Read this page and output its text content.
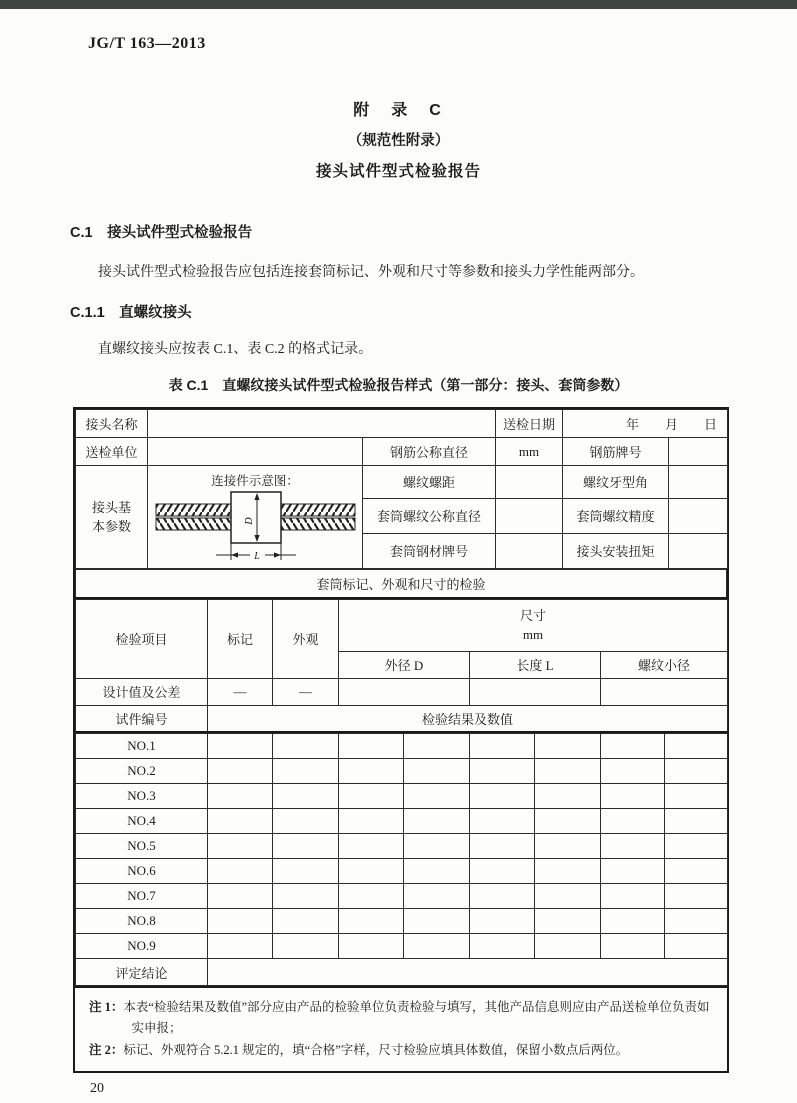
JG/T 163—2013
附　录　C
（规范性附录）
接头试件型式检验报告
C.1　接头试件型式检验报告
接头试件型式检验报告应包括连接套筒标记、外观和尺寸等参数和接头力学性能两部分。
C.1.1　直螺纹接头
直螺纹接头应按表 C.1、表 C.2 的格式记录。
表 C.1　直螺纹接头试件型式检验报告样式（第一部分：接头、套筒参数）
接头名称			送检日期	年　　月　　日	
送检单位		钢筋公称直径	mm	钢筋牌号	

接头基
本参数

连接件示意图：
D
L
	螺纹螺距		螺纹牙型角	
		套筒螺纹公称直径		套筒螺纹精度	
		套筒钢材牌号		接头安装扭矩	
套筒标记、外观和尺寸的检验
检验项目	标记	外观	尺寸
mm		

			外径 D	长度 L	螺纹小径
设计值及公差	—	—			
试件编号	检验结果及数值				
NO.1								
NO.2								
NO.3								
NO.4								
NO.5								
NO.6								
NO.7								
NO.8								
NO.9								
评定结论								
注 1：本表“检验结果及数值”部分应由产品的检验单位负责检验与填写，其他产品信息则应由产品送检单位负责如实申报；
注 2：标记、外观符合 5.2.1 规定的，填“合格”字样，尺寸检验应填具体数值，保留小数点后两位。
20
